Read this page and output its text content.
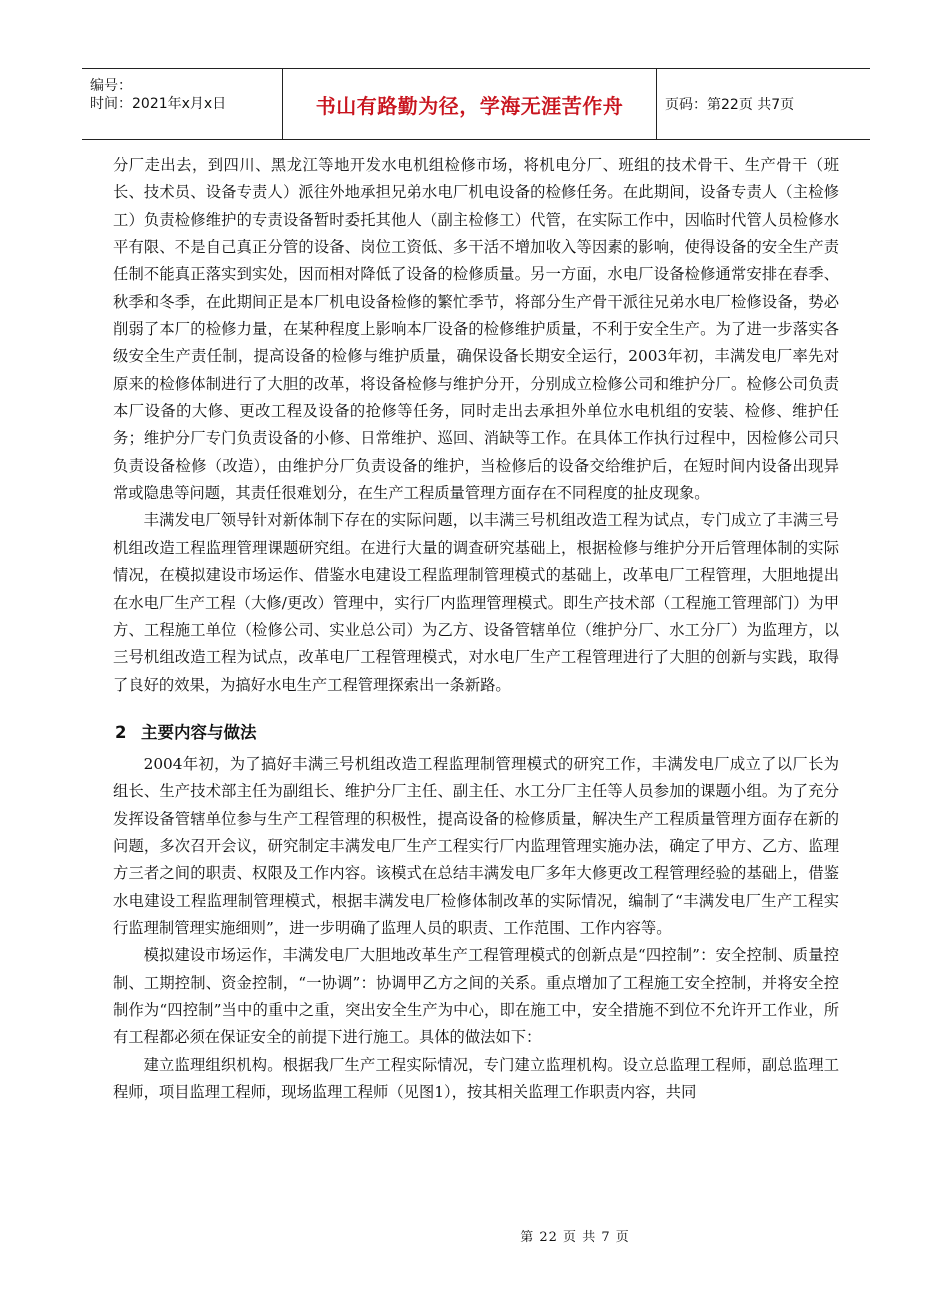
编号：
时间：2021年x月x日	书山有路勤为径，学海无涯苦作舟	页码：第22页 共7页

分厂走出去，到四川、黑龙江等地开发水电机组检修市场，将机电分厂、班组的技术骨干、生产骨干（班长、技术员、设备专责人）派往外地承担兄弟水电厂机电设备的检修任务。在此期间，设备专责人（主检修工）负责检修维护的专责设备暂时委托其他人（副主检修工）代管，在实际工作中，因临时代管人员检修水平有限、不是自己真正分管的设备、岗位工资低、多干活不增加收入等因素的影响，使得设备的安全生产责任制不能真正落实到实处，因而相对降低了设备的检修质量。另一方面，水电厂设备检修通常安排在春季、秋季和冬季，在此期间正是本厂机电设备检修的繁忙季节，将部分生产骨干派往兄弟水电厂检修设备，势必削弱了本厂的检修力量，在某种程度上影响本厂设备的检修维护质量，不利于安全生产。为了进一步落实各级安全生产责任制，提高设备的检修与维护质量，确保设备长期安全运行，2003年初，丰满发电厂率先对原来的检修体制进行了大胆的改革，将设备检修与维护分开，分别成立检修公司和维护分厂。检修公司负责本厂设备的大修、更改工程及设备的抢修等任务，同时走出去承担外单位水电机组的安装、检修、维护任务；维护分厂专门负责设备的小修、日常维护、巡回、消缺等工作。在具体工作执行过程中，因检修公司只负责设备检修（改造），由维护分厂负责设备的维护，当检修后的设备交给维护后，在短时间内设备出现异常或隐患等问题，其责任很难划分，在生产工程质量管理方面存在不同程度的扯皮现象。

丰满发电厂领导针对新体制下存在的实际问题，以丰满三号机组改造工程为试点，专门成立了丰满三号机组改造工程监理管理课题研究组。在进行大量的调查研究基础上，根据检修与维护分开后管理体制的实际情况，在模拟建设市场运作、借鉴水电建设工程监理制管理模式的基础上，改革电厂工程管理，大胆地提出在水电厂生产工程（大修/更改）管理中，实行厂内监理管理模式。即生产技术部（工程施工管理部门）为甲方、工程施工单位（检修公司、实业总公司）为乙方、设备管辖单位（维护分厂、水工分厂）为监理方，以三号机组改造工程为试点，改革电厂工程管理模式，对水电厂生产工程管理进行了大胆的创新与实践，取得了良好的效果，为搞好水电生产工程管理探索出一条新路。

2 主要内容与做法

2004年初，为了搞好丰满三号机组改造工程监理制管理模式的研究工作，丰满发电厂成立了以厂长为组长、生产技术部主任为副组长、维护分厂主任、副主任、水工分厂主任等人员参加的课题小组。为了充分发挥设备管辖单位参与生产工程管理的积极性，提高设备的检修质量，解决生产工程质量管理方面存在新的问题，多次召开会议，研究制定丰满发电厂生产工程实行厂内监理管理实施办法，确定了甲方、乙方、监理方三者之间的职责、权限及工作内容。该模式在总结丰满发电厂多年大修更改工程管理经验的基础上，借鉴水电建设工程监理制管理模式，根据丰满发电厂检修体制改革的实际情况，编制了“丰满发电厂生产工程实行监理制管理实施细则”，进一步明确了监理人员的职责、工作范围、工作内容等。

模拟建设市场运作，丰满发电厂大胆地改革生产工程管理模式的创新点是“四控制”：安全控制、质量控制、工期控制、资金控制，“一协调”：协调甲乙方之间的关系。重点增加了工程施工安全控制，并将安全控制作为“四控制”当中的重中之重，突出安全生产为中心，即在施工中，安全措施不到位不允许开工作业，所有工程都必须在保证安全的前提下进行施工。具体的做法如下：

建立监理组织机构。根据我厂生产工程实际情况，专门建立监理机构。设立总监理工程师，副总监理工程师，项目监理工程师，现场监理工程师（见图1），按其相关监理工作职责内容，共同

第 22 页 共 7 页
